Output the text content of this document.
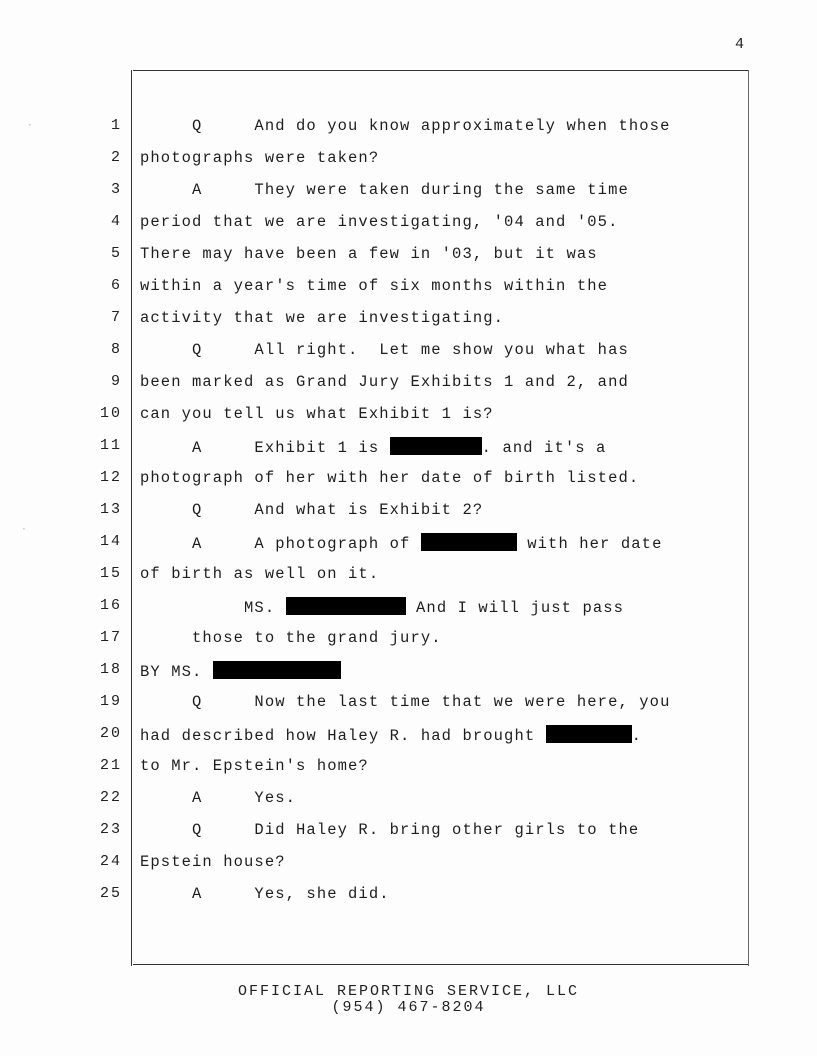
4
1 Q     And do you know approximately when those
2 photographs were taken?
3 A     They were taken during the same time
4 period that we are investigating, '04 and '05.
5 There may have been a few in '03, but it was
6 within a year's time of six months within the
7 activity that we are investigating.
8 Q     All right.  Let me show you what has
9 been marked as Grand Jury Exhibits 1 and 2, and
10 can you tell us what Exhibit 1 is?
11 A     Exhibit 1 is	. and it's a
12 photograph of her with her date of birth listed.
13 Q     And what is Exhibit 2?
14 A     A photograph of	with her date
15 of birth as well on it.
16 MS.	And I will just pass
17 those to the grand jury.
18 BY MS.
19 Q     Now the last time that we were here, you
20 had described how Haley R. had brought	.
21 to Mr. Epstein's home?
22 A     Yes.
23 Q     Did Haley R. bring other girls to the
24 Epstein house?
25 A     Yes, she did.
OFFICIAL REPORTING SERVICE, LLC
(954) 467-8204
·
·
